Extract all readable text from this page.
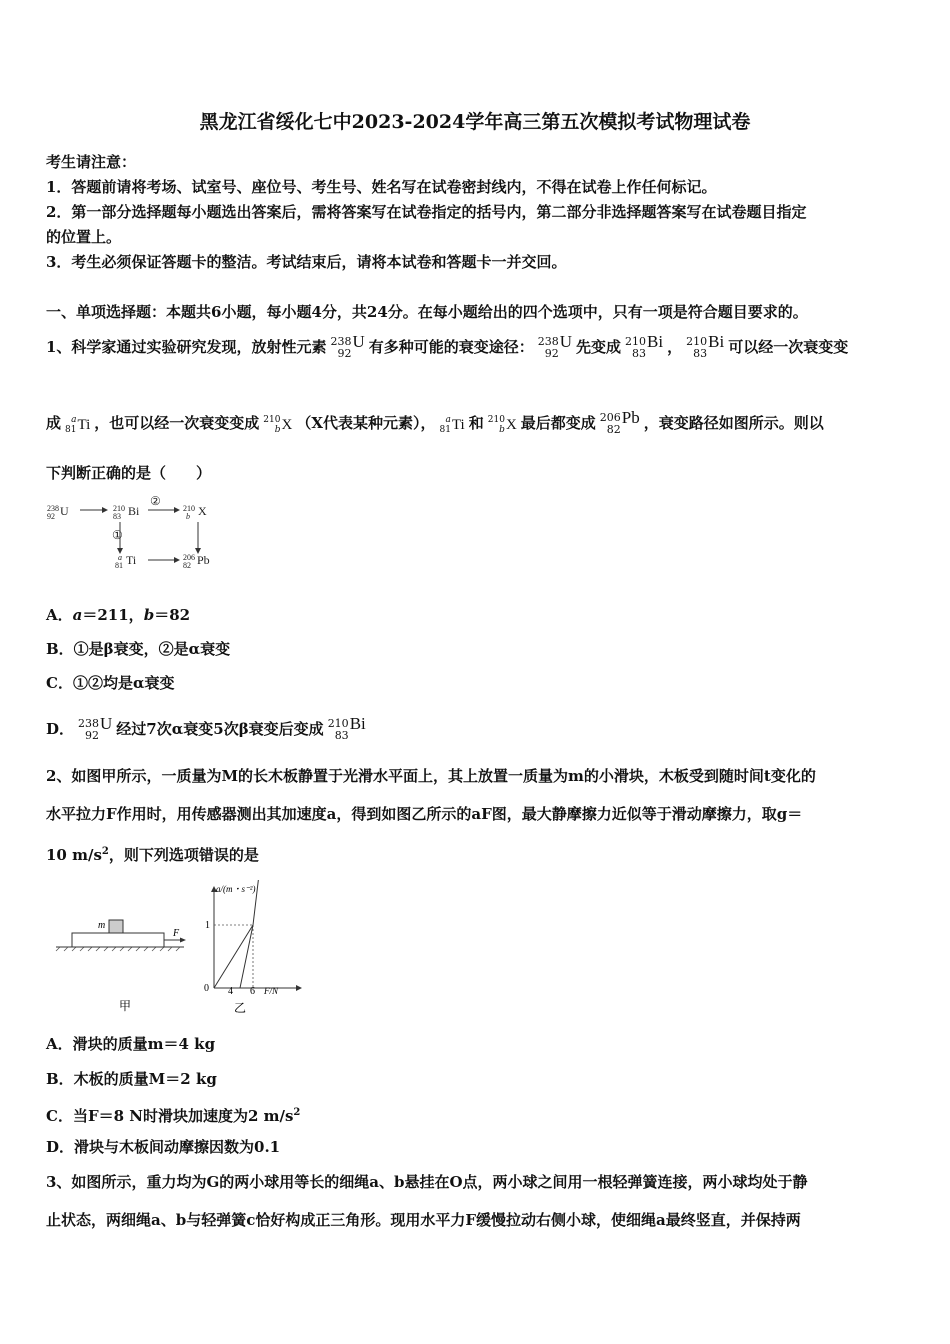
黑龙江省绥化七中2023-2024学年高三第五次模拟考试物理试卷
考生请注意：
1．答题前请将考场、试室号、座位号、考生号、姓名写在试卷密封线内，不得在试卷上作任何标记。
2．第一部分选择题每小题选出答案后，需将答案写在试卷指定的括号内，第二部分非选择题答案写在试卷题目指定
的位置上。
3．考生必须保证答题卡的整洁。考试结束后，请将本试卷和答题卡一并交回。
一、单项选择题：本题共6小题，每小题4分，共24分。在每小题给出的四个选项中，只有一项是符合题目要求的。
1、科学家通过实验研究发现，放射性元素 238
92
U 有多种可能的衰变途径： 238
92
U 先变成 210
83
Bi ， 210
83
Bi 可以经一次衰变变
成 a
81 Ti ，也可以经一次衰变变成 210
b X （X代表某种元素）， a
81 Ti 和 210
b X 最后都变成 206
82
Pb ，衰变路径如图所示。则以
下判断正确的是（　　）
238
92 U	210
83 Bi
②
210
b X
①
a
81 Ti	206
82 Pb
A．a＝211，b＝82
B．①是β衰变，②是α衰变
C．①②均是α衰变
D． 238
92
U 经过7次α衰变5次β衰变后变成 210
83
Bi
2、如图甲所示，一质量为M的长木板静置于光滑水平面上，其上放置一质量为m的小滑块，木板受到随时间t变化的
水平拉力F作用时，用传感器测出其加速度a，得到如图乙所示的aF图，最大静摩擦力近似等于滑动摩擦力，取g＝
10 $m/s^2$，则下列选项错误的是
m
F
甲
a/(m・s⁻²)
F/N
0
1
4 6
乙
A．滑块的质量m＝4 kg
B．木板的质量M＝2 kg
C．当F＝8 N时滑块加速度为2 $m/s^2$
D．滑块与木板间动摩擦因数为0.1
3、如图所示，重力均为G的两小球用等长的细绳a、b悬挂在O点，两小球之间用一根轻弹簧连接，两小球均处于静
止状态，两细绳a、b与轻弹簧c恰好构成正三角形。现用水平力F缓慢拉动右侧小球，使细绳a最终竖直，并保持两
